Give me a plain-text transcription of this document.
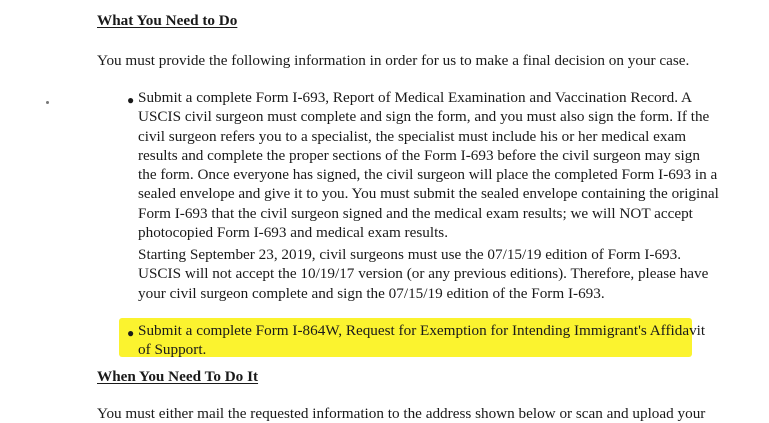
What You Need to Do
You must provide the following information in order for us to make a final decision on your case.
● Submit a complete Form I-693, Report of Medical Examination and Vaccination Record. A
USCIS civil surgeon must complete and sign the form, and you must also sign the form. If the
civil surgeon refers you to a specialist, the specialist must include his or her medical exam
results and complete the proper sections of the Form I-693 before the civil surgeon may sign
the form. Once everyone has signed, the civil surgeon will place the completed Form I-693 in a
sealed envelope and give it to you. You must submit the sealed envelope containing the original
Form I-693 that the civil surgeon signed and the medical exam results; we will NOT accept
photocopied Form I-693 and medical exam results.
Starting September 23, 2019, civil surgeons must use the 07/15/19 edition of Form I-693.
USCIS will not accept the 10/19/17 version (or any previous editions). Therefore, please have
your civil surgeon complete and sign the 07/15/19 edition of the Form I-693.
● Submit a complete Form I-864W, Request for Exemption for Intending Immigrant's Affidavit
of Support.
When You Need To Do It
You must either mail the requested information to the address shown below or scan and upload your
